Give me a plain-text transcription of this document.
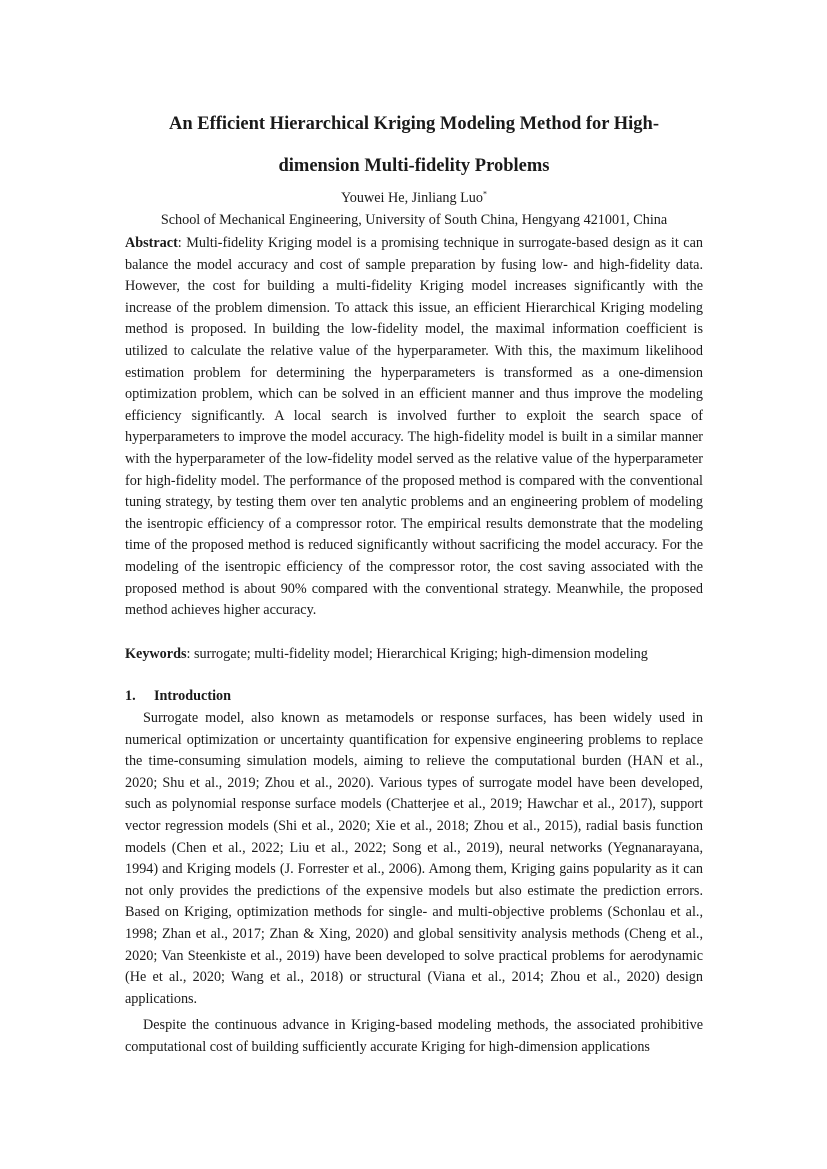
An Efficient Hierarchical Kriging Modeling Method for High-
dimension Multi-fidelity Problems
Youwei He, Jinliang Luo*
School of Mechanical Engineering, University of South China, Hengyang 421001, China

Abstract: Multi-fidelity Kriging model is a promising technique in surrogate-based design as it can balance the model accuracy and cost of sample preparation by fusing low- and high-fidelity data. However, the cost for building a multi-fidelity Kriging model increases significantly with the increase of the problem dimension. To attack this issue, an efficient Hierarchical Kriging modeling method is proposed. In building the low-fidelity model, the maximal information coefficient is utilized to calculate the relative value of the hyperparameter. With this, the maximum likelihood estimation problem for determining the hyperparameters is transformed as a one-dimension optimization problem, which can be solved in an efficient manner and thus improve the modeling efficiency significantly. A local search is involved further to exploit the search space of hyperparameters to improve the model accuracy. The high-fidelity model is built in a similar manner with the hyperparameter of the low-fidelity model served as the relative value of the hyperparameter for high-fidelity model. The performance of the proposed method is compared with the conventional tuning strategy, by testing them over ten analytic problems and an engineering problem of modeling the isentropic efficiency of a compressor rotor. The empirical results demonstrate that the modeling time of the proposed method is reduced significantly without sacrificing the model accuracy. For the modeling of the isentropic efficiency of the compressor rotor, the cost saving associated with the proposed method is about 90% compared with the conventional strategy. Meanwhile, the proposed method achieves higher accuracy.

Keywords: surrogate; multi-fidelity model; Hierarchical Kriging; high-dimension modeling

1. Introduction

Surrogate model, also known as metamodels or response surfaces, has been widely used in numerical optimization or uncertainty quantification for expensive engineering problems to replace the time-consuming simulation models, aiming to relieve the computational burden (HAN et al., 2020; Shu et al., 2019; Zhou et al., 2020). Various types of surrogate model have been developed, such as polynomial response surface models (Chatterjee et al., 2019; Hawchar et al., 2017), support vector regression models (Shi et al., 2020; Xie et al., 2018; Zhou et al., 2015), radial basis function models (Chen et al., 2022; Liu et al., 2022; Song et al., 2019), neural networks (Yegnanarayana, 1994) and Kriging models (J. Forrester et al., 2006). Among them, Kriging gains popularity as it can not only provides the predictions of the expensive models but also estimate the prediction errors. Based on Kriging, optimization methods for single- and multi-objective problems (Schonlau et al., 1998; Zhan et al., 2017; Zhan & Xing, 2020) and global sensitivity analysis methods (Cheng et al., 2020; Van Steenkiste et al., 2019) have been developed to solve practical problems for aerodynamic (He et al., 2020; Wang et al., 2018) or structural (Viana et al., 2014; Zhou et al., 2020) design applications.

Despite the continuous advance in Kriging-based modeling methods, the associated prohibitive computational cost of building sufficiently accurate Kriging for high-dimension applications
